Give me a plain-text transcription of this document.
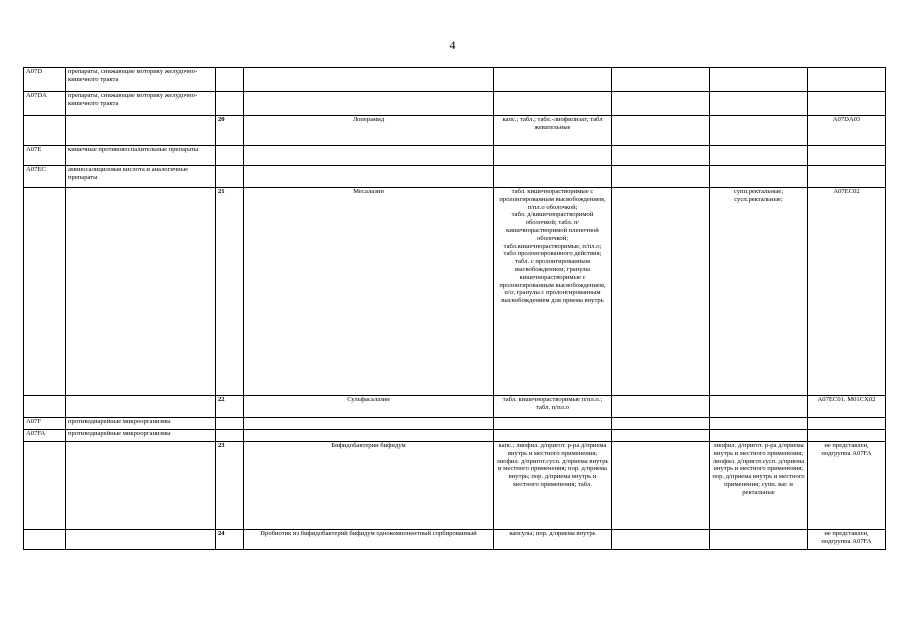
4
A07D	препараты, снижающие моторику желудочно-кишечного тракта						
A07DA	препараты, снижающие моторику желудочно-кишечного тракта						
		20	Лоперамид	капс.; табл.; табл.-лиофилизат; табл жевательные			A07DA03
A07E	кишечные противовоспалительные препараты						
A07EC	аминосалициловая кислота и аналогичные препараты						
		21	Месалазин	табл. кишечнорастворимые с пролонгированным высвобождением, п/пл.о оболочкой;
табл. д/кишечнорастворимой оболочкой; табл. п/кишечнорастворимой пленочной оболочкой;
табл.кишечнорастворимые, п/пл.о;
табл пролонгированного действия; табл. с пролонгированным высвобождением; гранулы кишечнорастворимые с пролонгированным высвобождением, п/о; гранулы с пролонгированным высвобождением для приема внутрь		супп.ректальные; сусп.ректальные;	A07EC02
		22	Сульфасалазин	табл. кишечнорастворимые п/пл.о.; табл. п/пл.о			A07EC01. M01CX02
A07F	противодиарейные микроорганизмы						
A07FA	противодиарейные микроорганизмы						
		23	Бифидобактерии бифидум	капс.; лиофил. д/пригот. р-ра д/приема внутрь и местного применения; лиофил. д/пригот.сусп. д/приема внутрь и местного применения; пор. д/приема внутрь; пор. д/приема внутрь и местного применения; табл.		лиофил. д/пригот. р-ра д/приема внутрь и местного применения; лиофил. д/пригот.сусп. д/приема внутрь и местного применения; пор. д/приема внутрь и местного применения; супп. ваг. и ректальные	не представлен, подгруппа A07FA
		24	Пробиотик из бифидобактерий бифидум однокомпонентный сорбированный	капсулы; пор. д/приема внутрь			не представлен, подгруппа A07FA
